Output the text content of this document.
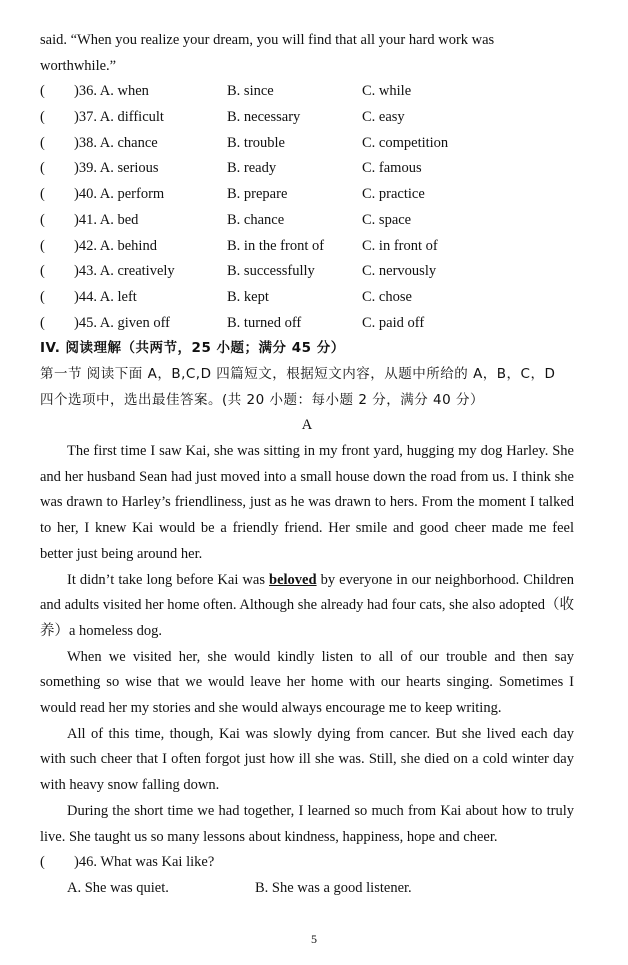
said. “When you realize your dream, you will find that all your hard work was
worthwhile.”
(	)36. A. when	B. since	C. while
(	)37. A. difficult	B. necessary	C. easy
(	)38. A. chance	B. trouble	C. competition
(	)39. A. serious	B. ready	C. famous
(	)40. A. perform	B. prepare	C. practice
(	)41. A. bed	B. chance	C. space
(	)42. A. behind	B. in the front of	C. in front of
(	)43. A. creatively	B. successfully	C. nervously
(	)44. A. left	B. kept	C. chose
(	)45. A. given off	B. turned off	C. paid off
IV. 阅读理解（共两节，25 小题；满分 45 分）
第一节 阅读下面 A，B,C,D 四篇短文，根据短文内容，从题中所给的 A，B，C，D
四个选项中，选出最佳答案。(共 20 小题：每小题 2 分，满分 40 分）
A

The first time I saw Kai, she was sitting in my front yard, hugging my dog Harley. She and her husband Sean had just moved into a small house down the road from us. I think she was drawn to Harley’s friendliness, just as he was drawn to hers. From the moment I talked to her, I knew Kai would be a friendly friend. Her smile and good cheer made me feel better just being around her.

It didn’t take long before Kai was beloved by everyone in our neighborhood. Children and adults visited her home often. Although she already had four cats, she also adopted（收养）a homeless dog.

When we visited her, she would kindly listen to all of our trouble and then say something so wise that we would leave her home with our hearts singing. Sometimes I would read her my stories and she would always encourage me to keep writing.

All of this time, though, Kai was slowly dying from cancer. But she lived each day with such cheer that I often forgot just how ill she was. Still, she died on a cold winter day with heavy snow falling down.

During the short time we had together, I learned so much from Kai about how to truly live. She taught us so many lessons about kindness, happiness, hope and cheer.

(	)46. What was Kai like?
A. She was quiet.	B. She was a good listener.
5
